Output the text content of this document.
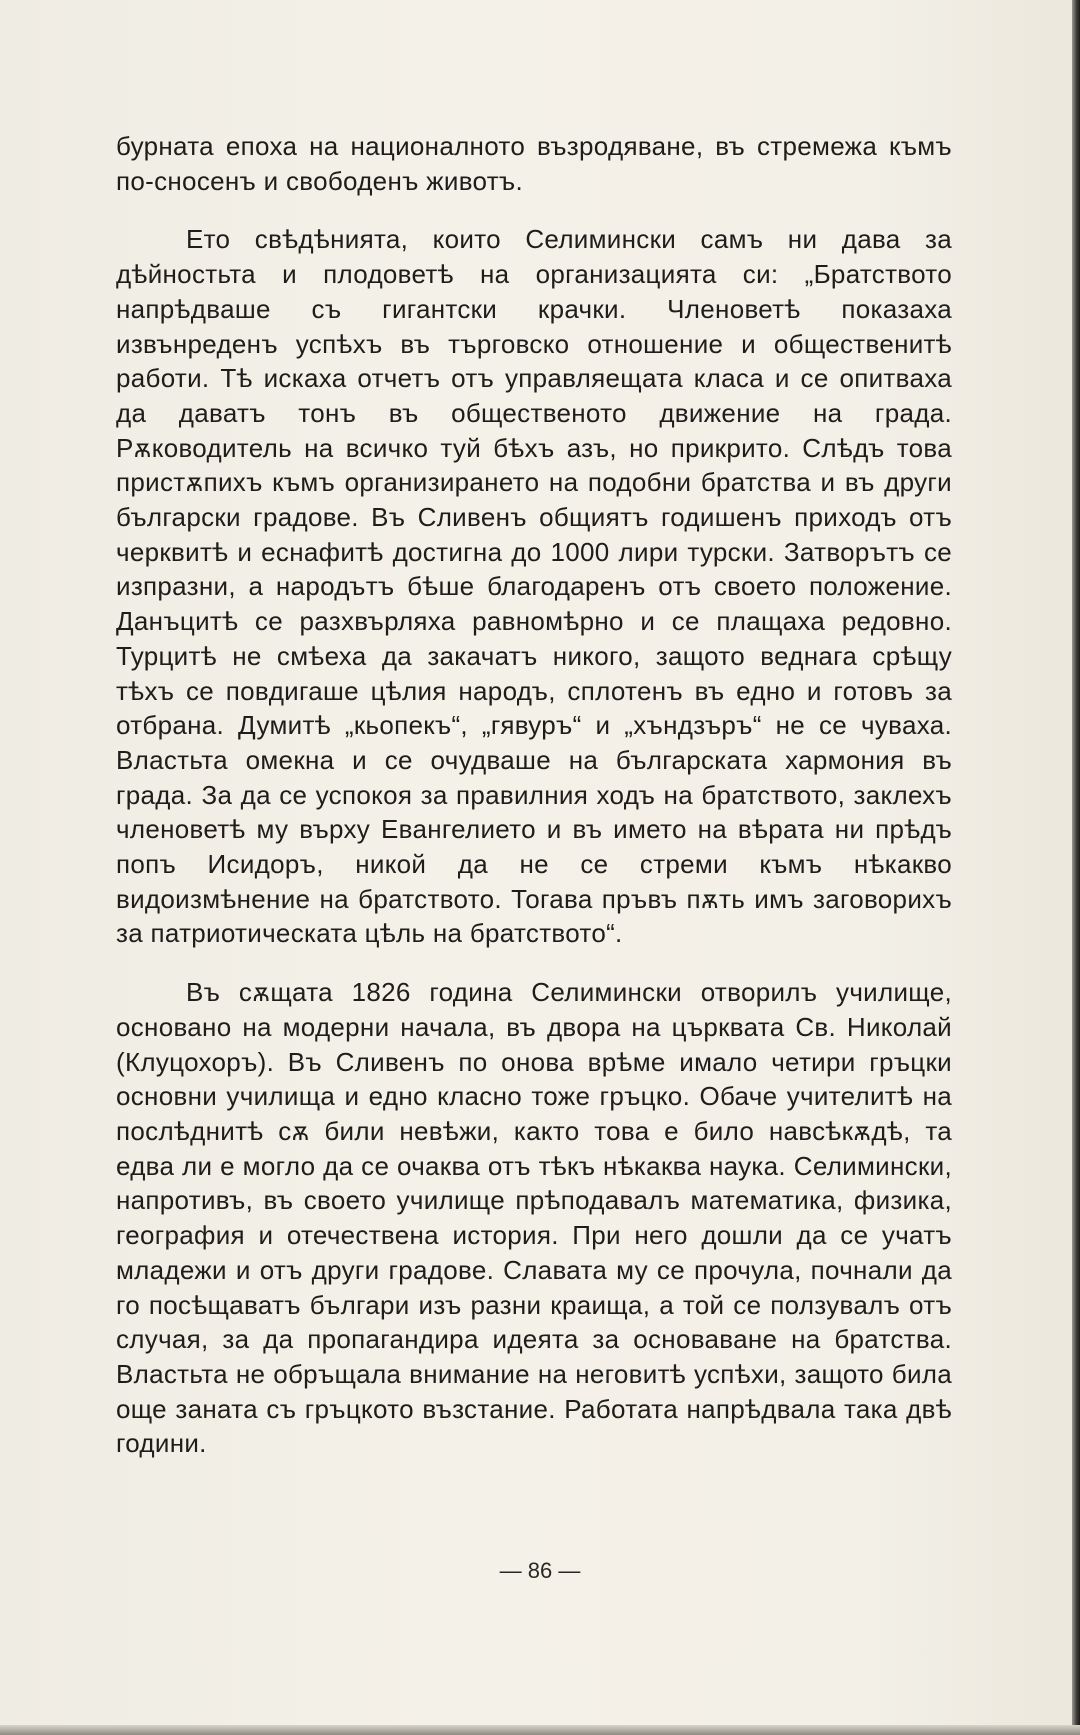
бурната епоха на националното възродяване, въ стремежа къмъ по-сносенъ и свободенъ животъ.

Ето свѣдѣнията, които Селимински самъ ни дава за дѣйностьта и плодоветѣ на организацията си: „Братството напрѣдваше съ гигантски крачки. Членоветѣ показаха извънреденъ успѣхъ въ търговско отношение и общественитѣ работи. Тѣ искаха отчетъ отъ управляещата класа и се опитваха да даватъ тонъ въ общественото движение на града. Рѫководитель на всичко туй бѣхъ азъ, но прикрито. Слѣдъ това пристѫпихъ къмъ организирането на подобни братства и въ други български градове. Въ Сливенъ общиятъ годишенъ приходъ отъ черквитѣ и еснафитѣ достигна до 1000 лири турски. Затворътъ се изпразни, а народътъ бѣше благодаренъ отъ своето положение. Данъцитѣ се разхвърляха равномѣрно и се плащаха редовно. Турцитѣ не смѣеха да закачатъ никого, защото веднага срѣщу тѣхъ се повдигаше цѣлия народъ, сплотенъ въ едно и готовъ за отбрана. Думитѣ „кьопекъ“, „гявуръ“ и „хъндзъръ“ не се чуваха. Властьта омекна и се очудваше на българската хармония въ града. За да се успокоя за правилния ходъ на братството, заклехъ членоветѣ му върху Евангелието и въ името на вѣрата ни прѣдъ попъ Исидоръ, никой да не се стреми къмъ нѣкакво видоизмѣнение на братството. Тогава пръвъ пѫть имъ заговорихъ за патриотическата цѣль на братството“.

Въ сѫщата 1826 година Селимински отворилъ училище, основано на модерни начала, въ двора на църквата Св. Николай (Клуцохоръ). Въ Сливенъ по онова врѣме имало четири гръцки основни училища и едно класно тоже гръцко. Обаче учителитѣ на послѣднитѣ сѫ били невѣжи, както това е било навсѣкѫдѣ, та едва ли е могло да се очаква отъ тѣкъ нѣкаква наука. Селимински, напротивъ, въ своето училище прѣподавалъ математика, физика, география и отечествена история. При него дошли да се учатъ младежи и отъ други градове. Славата му се прочула, почнали да го посѣщаватъ българи изъ разни краища, а той се ползувалъ отъ случая, за да пропагандира идеята за основаване на братства. Властьта не обръщала внимание на неговитѣ успѣхи, защото била още заната съ гръцкото възстание. Работата напрѣдвала така двѣ години.

— 86 —
